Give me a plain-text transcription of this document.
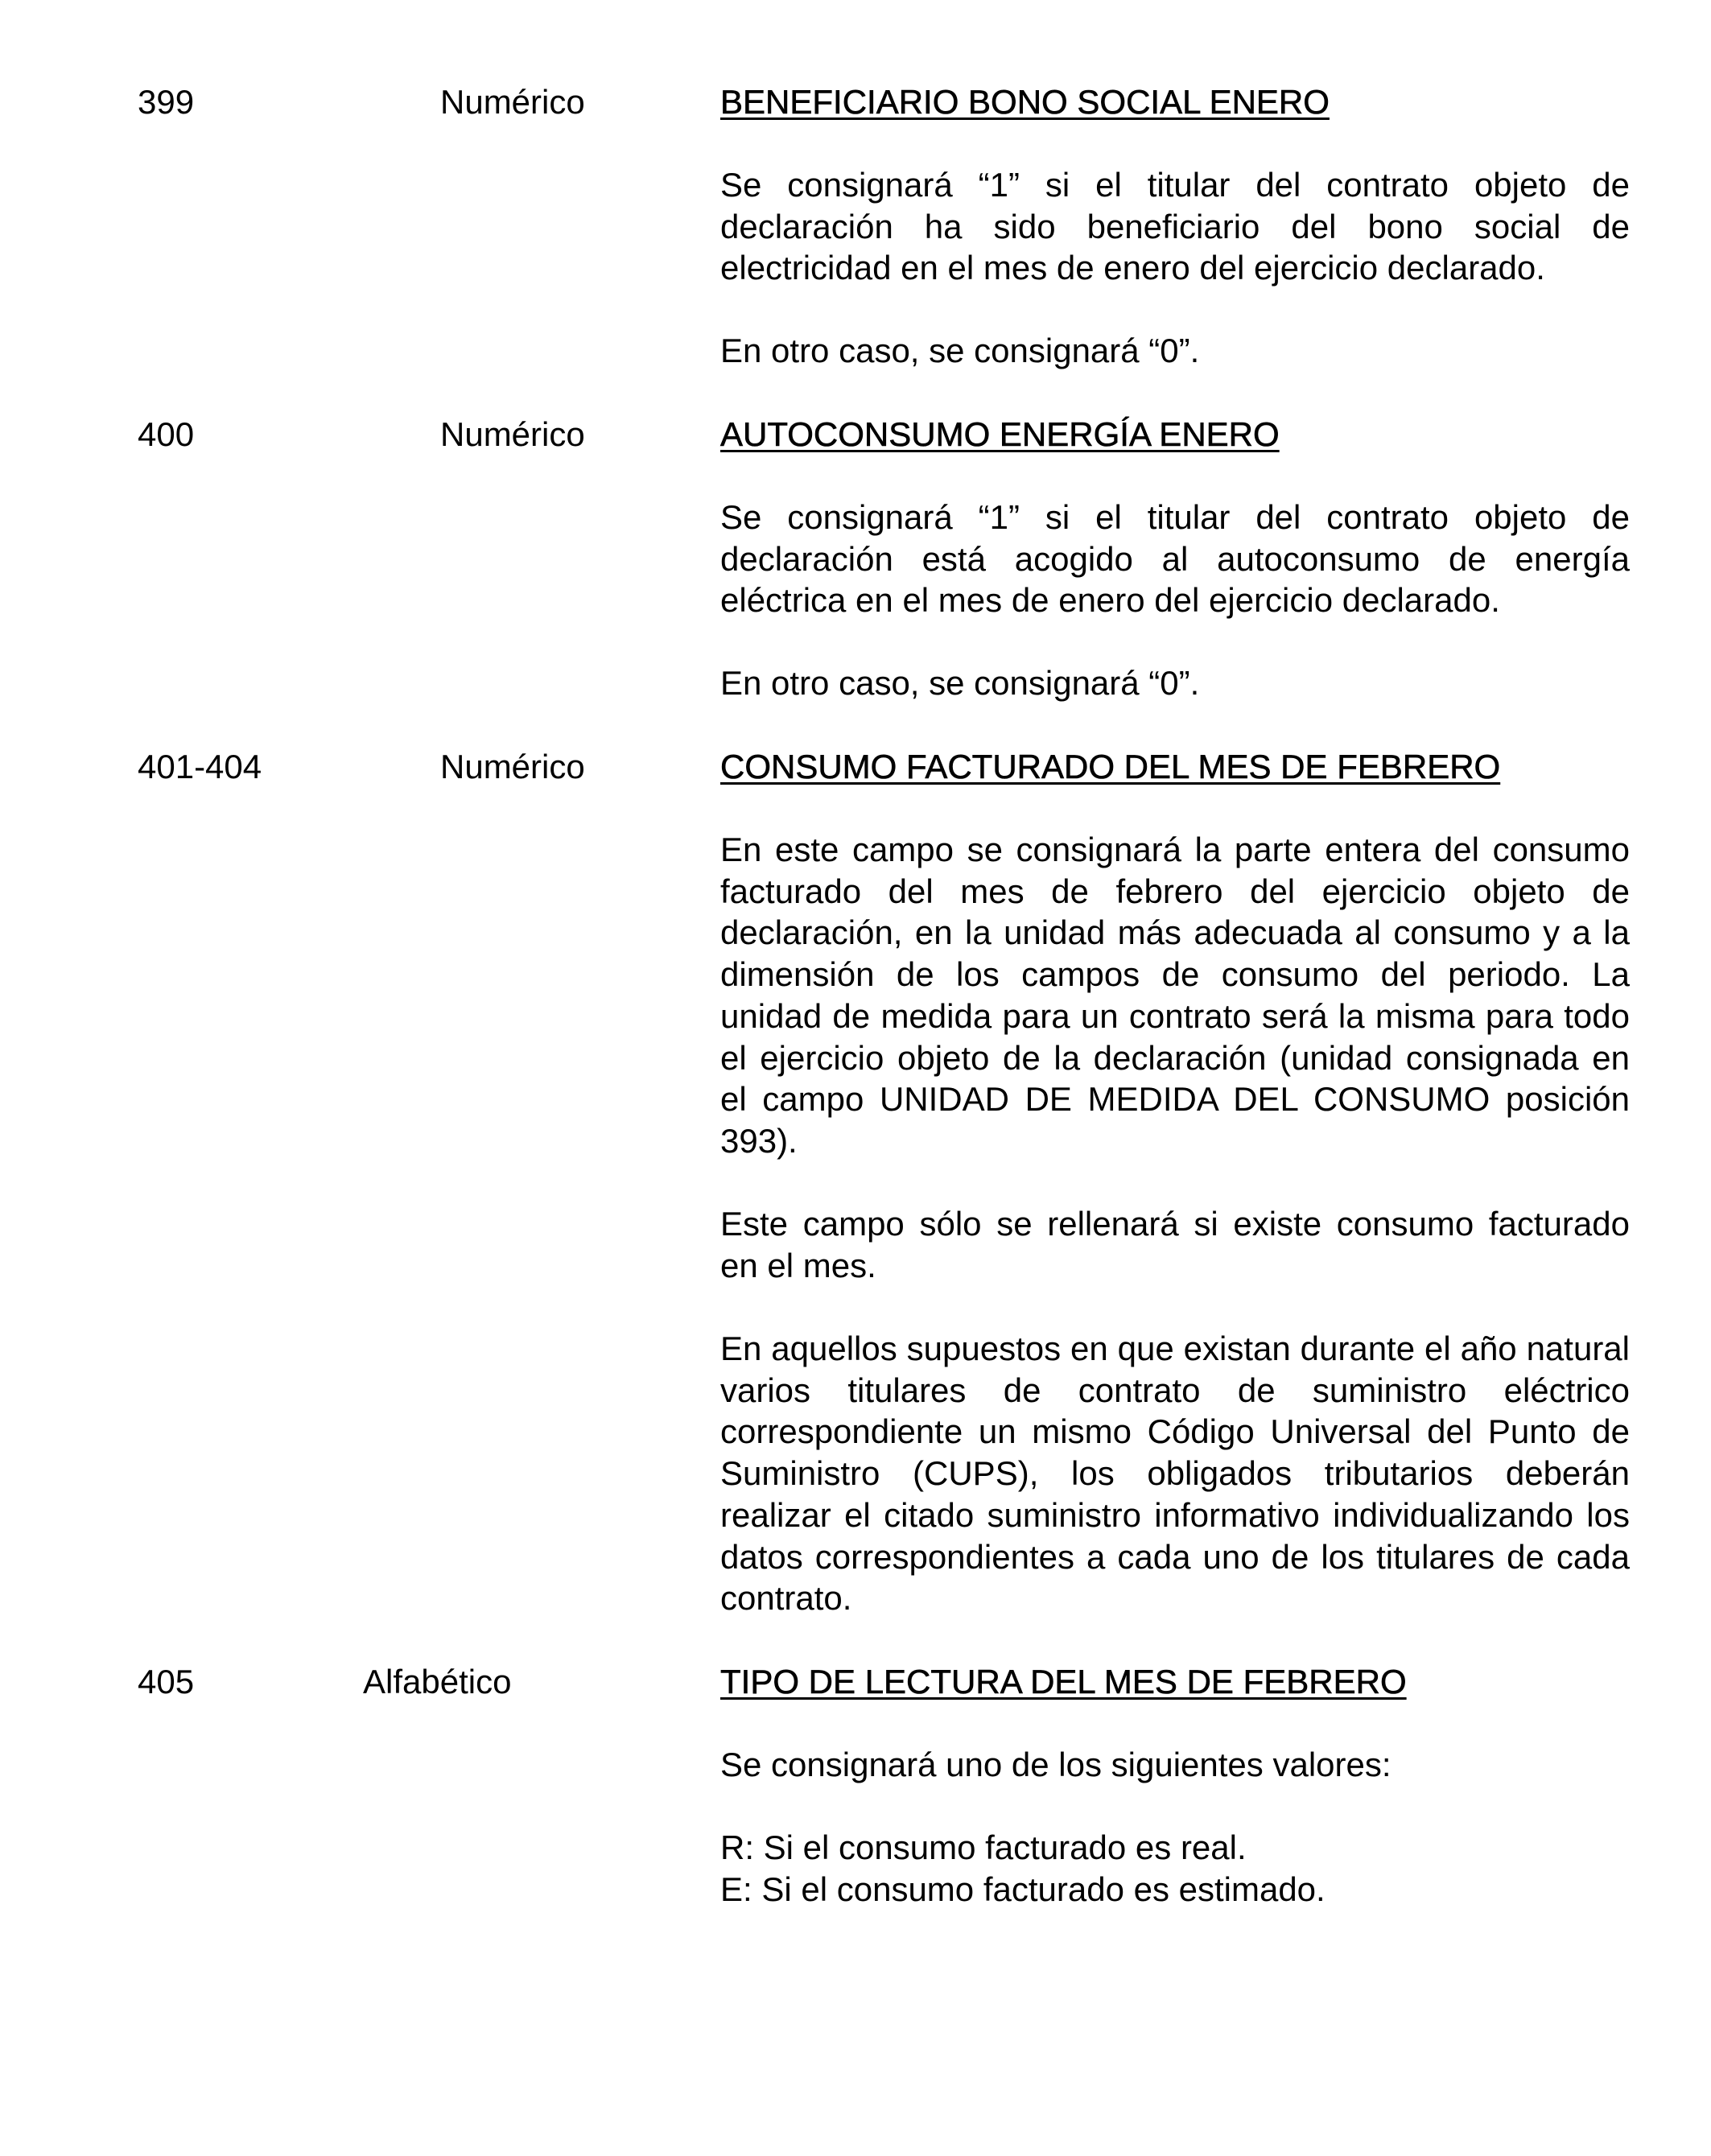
399	Numérico	BENEFICIARIO BONO SOCIAL ENERO

Se consignará “1” si el titular del contrato objeto de declaración ha sido beneficiario del bono social de electricidad en el mes de enero del ejercicio declarado.

En otro caso, se consignará “0”.

400	Numérico	AUTOCONSUMO ENERGÍA ENERO

Se consignará “1” si el titular del contrato objeto de declaración está acogido al autoconsumo de energía eléctrica en el mes de enero del ejercicio declarado.

En otro caso, se consignará “0”.

401-404	Numérico	CONSUMO FACTURADO DEL MES DE FEBRERO

En este campo se consignará la parte entera del consumo facturado del mes de febrero del ejercicio objeto de declaración, en la unidad más adecuada al consumo y a la dimensión de los campos de consumo del periodo. La unidad de medida para un contrato será la misma para todo el ejercicio objeto de la declaración (unidad consignada en el campo UNIDAD DE MEDIDA DEL CONSUMO posición 393).

Este campo sólo se rellenará si existe consumo facturado en el mes.

En aquellos supuestos en que existan durante el año natural varios titulares de contrato de suministro eléctrico correspondiente un mismo Código Universal del Punto de Suministro (CUPS), los obligados tributarios deberán realizar el citado suministro informativo individualizando los datos correspondientes a cada uno de los titulares de cada contrato.

405	Alfabético	TIPO DE LECTURA DEL MES DE FEBRERO

Se consignará uno de los siguientes valores:

R: Si el consumo facturado es real.

E: Si el consumo facturado es estimado.
